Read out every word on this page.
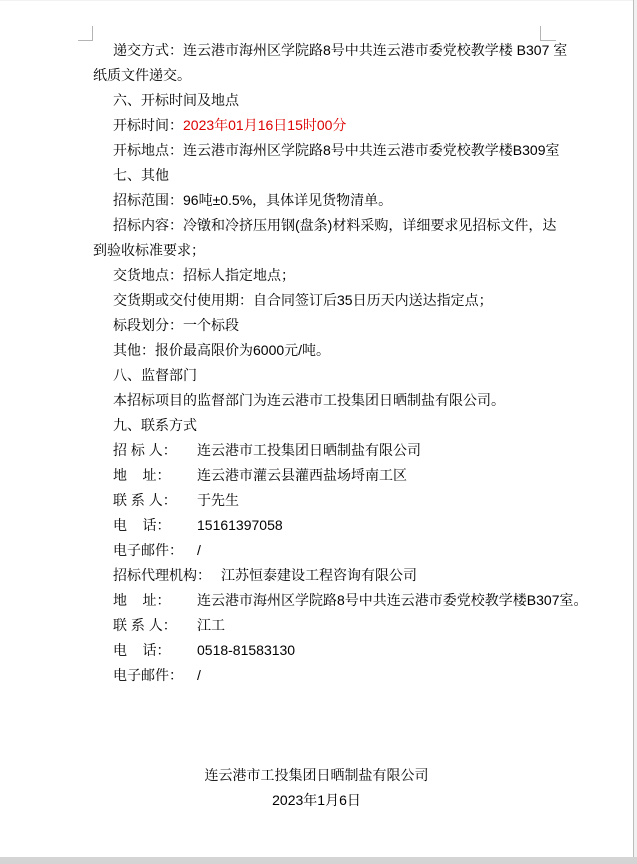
递交方式：连云港市海州区学院路8号中共连云港市委党校教学楼 B307 室
纸质文件递交。
六、开标时间及地点
开标时间：2023年01月16日15时00分
开标地点：连云港市海州区学院路8号中共连云港市委党校教学楼B309室
七、其他
招标范围：96吨±0.5%，具体详见货物清单。
招标内容：冷镦和冷挤压用钢(盘条)材料采购，详细要求见招标文件，达
到验收标准要求；
交货地点：招标人指定地点；
交货期或交付使用期：自合同签订后35日历天内送达指定点；
标段划分：一个标段
其他：报价最高限价为6000元/吨。
八、监督部门
本招标项目的监督部门为连云港市工投集团日晒制盐有限公司。
九、联系方式
招 标 人： 连云港市工投集团日晒制盐有限公司
地    址： 连云港市灌云县灌西盐场埒南工区
联 系 人： 于先生
电    话： 15161397058
电子邮件： /
招标代理机构： 江苏恒泰建设工程咨询有限公司
地    址： 连云港市海州区学院路8号中共连云港市委党校教学楼B307室。
联 系 人： 江工
电    话： 0518-81583130
电子邮件： /
连云港市工投集团日晒制盐有限公司
2023年1月6日
